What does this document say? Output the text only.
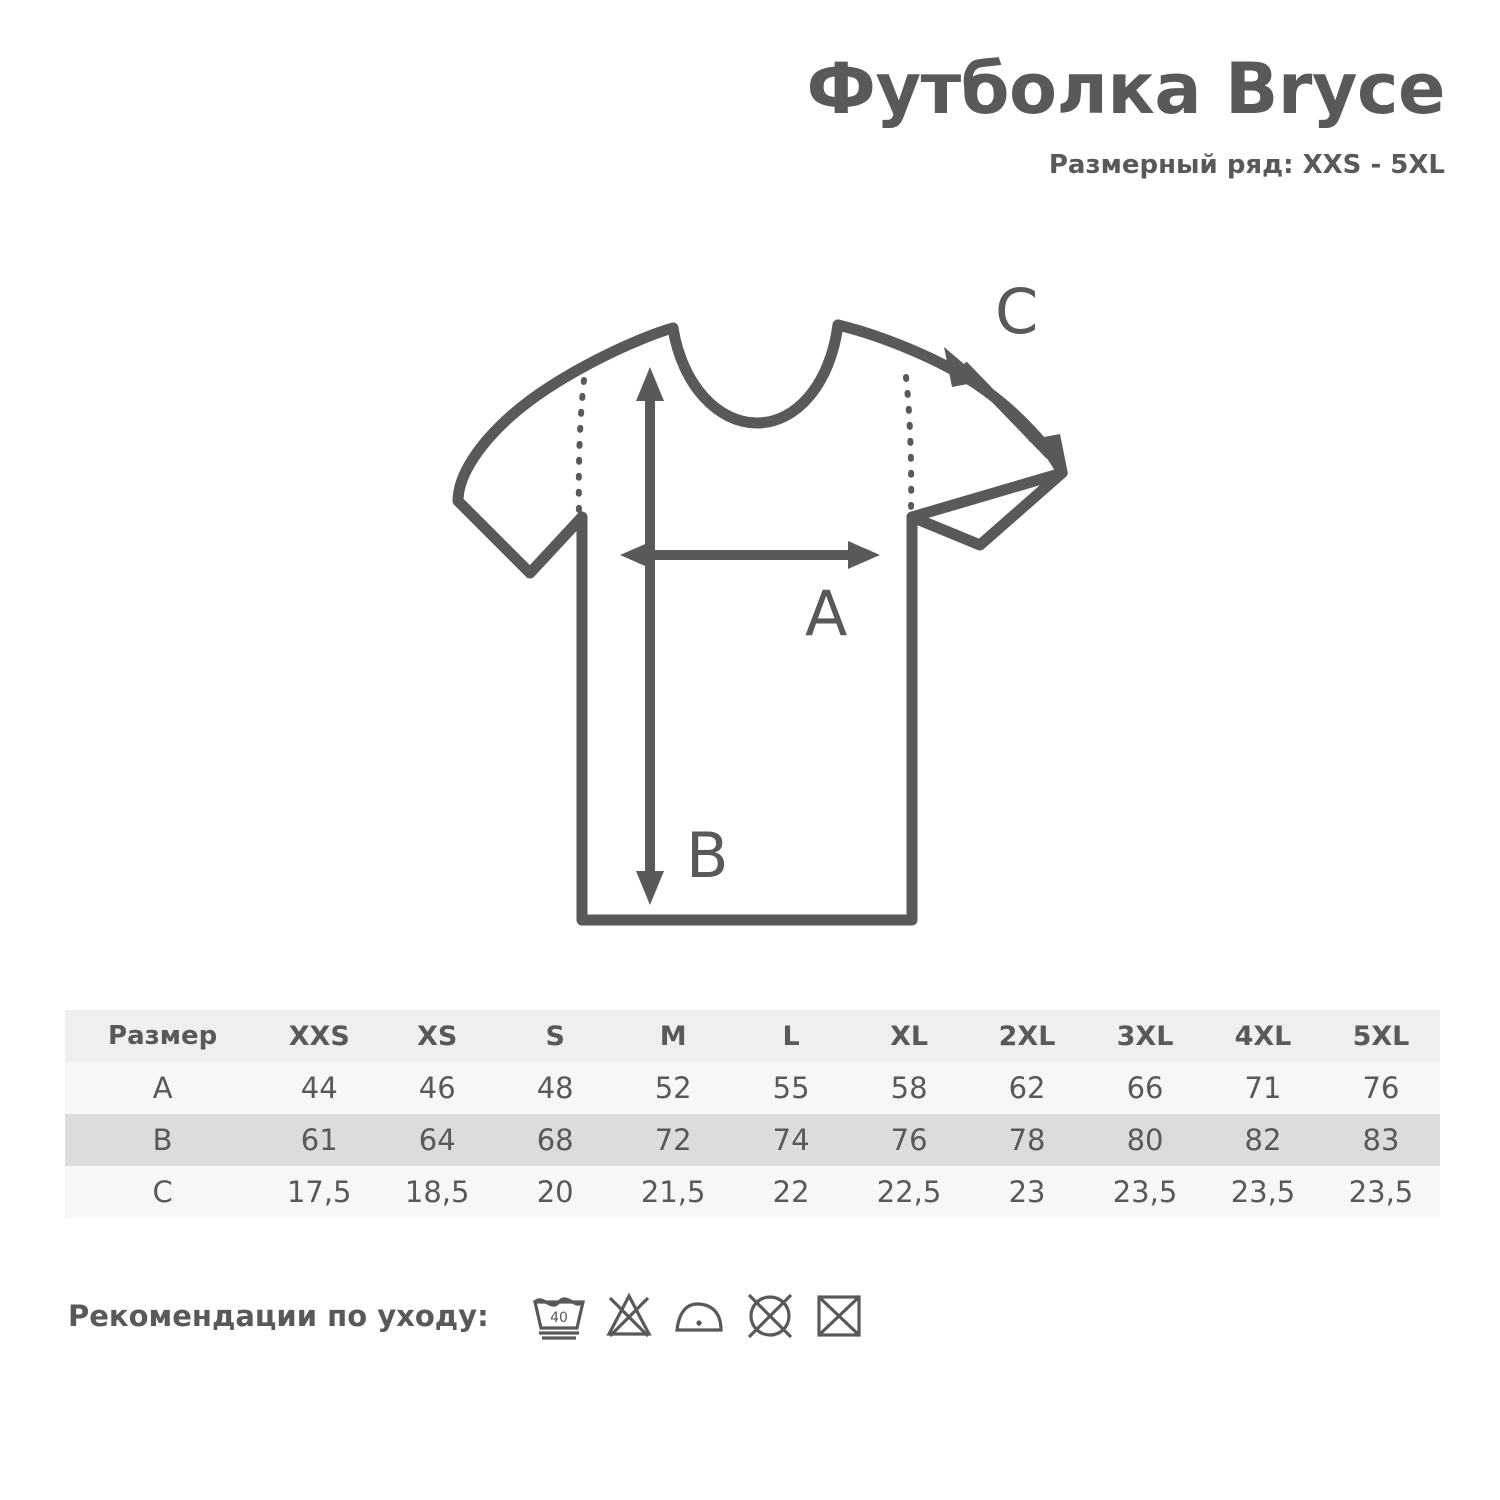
Футболка Bryce
Размерный ряд: XXS - 5XL
A
B
C
Размер	XXS	XS	S	M	L	XL	2XL	3XL	4XL	5XL
A	44	46	48	52	55	58	62	66	71	76
B	61	64	68	72	74	76	78	80	82	83
C	17,5	18,5	20	21,5	22	22,5	23	23,5	23,5	23,5
Рекомендации по уходу:	40
